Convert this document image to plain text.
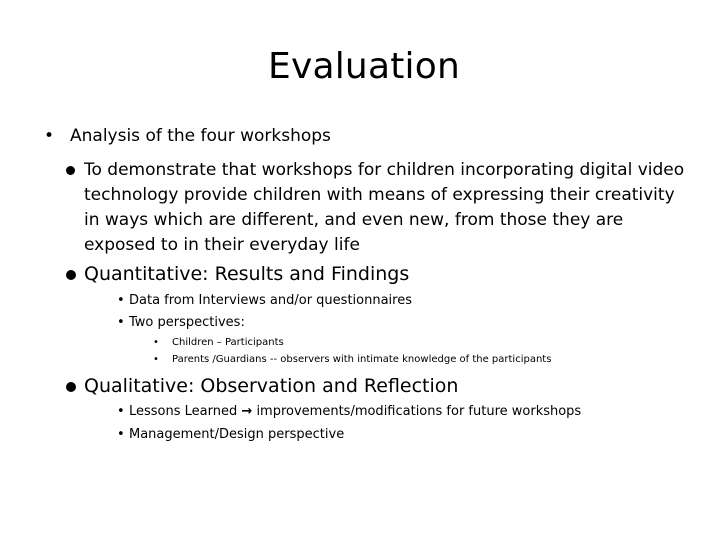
Evaluation
• Analysis of the four workshops
To demonstrate that workshops for children incorporating digital video
technology provide children with means of expressing their creativity
in ways which are different, and even new, from those they are
exposed to in their everyday life
Quantitative: Results and Findings
• Data from Interviews and/or questionnaires
• Two perspectives:
• Children – Participants
• Parents /Guardians -- observers with intimate knowledge of the participants
Qualitative: Observation and Reflection
• Lessons Learned → improvements/modifications for future workshops
• Management/Design perspective
